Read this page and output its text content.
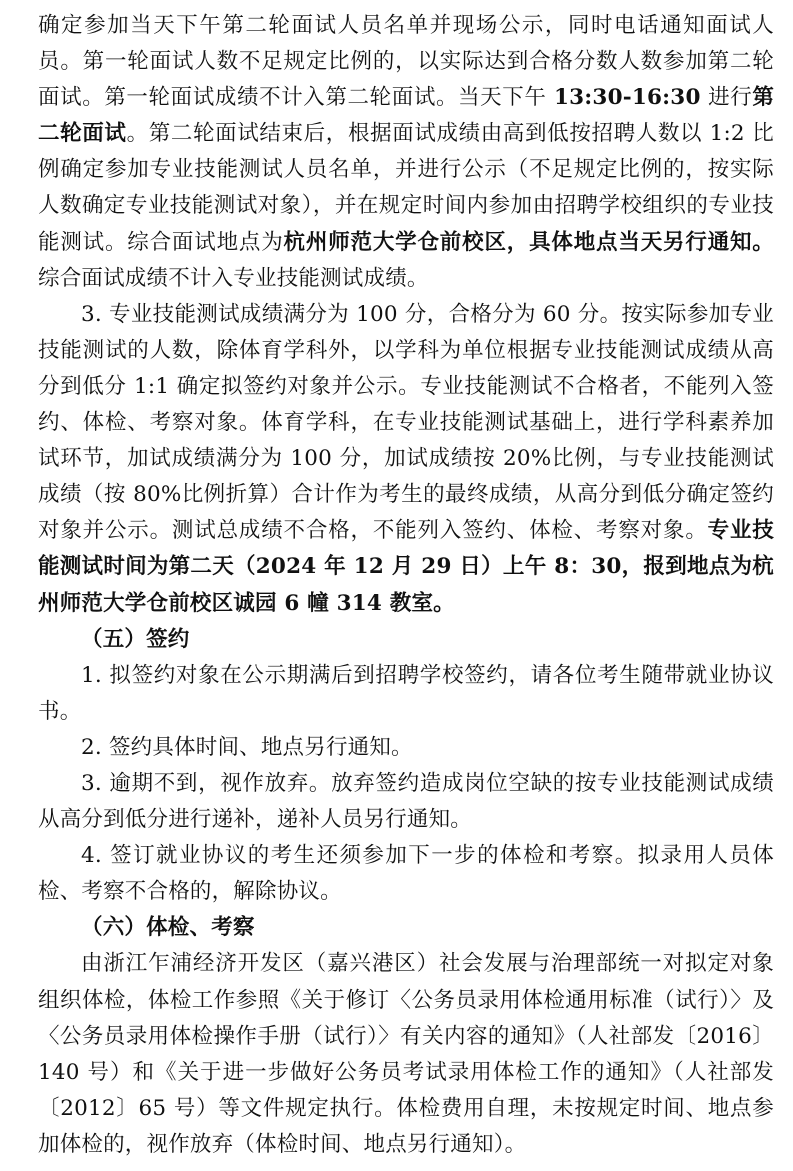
确定参加当天下午第二轮面试人员名单并现场公示，同时电话通知面试人员。第一轮面试人数不足规定比例的，以实际达到合格分数人数参加第二轮面试。第一轮面试成绩不计入第二轮面试。当天下午 13:30-16:30 进行第二轮面试。第二轮面试结束后，根据面试成绩由高到低按招聘人数以 1:2 比例确定参加专业技能测试人员名单，并进行公示（不足规定比例的，按实际人数确定专业技能测试对象），并在规定时间内参加由招聘学校组织的专业技能测试。综合面试地点为杭州师范大学仓前校区，具体地点当天另行通知。综合面试成绩不计入专业技能测试成绩。

3. 专业技能测试成绩满分为 100 分，合格分为 60 分。按实际参加专业技能测试的人数，除体育学科外，以学科为单位根据专业技能测试成绩从高分到低分 1:1 确定拟签约对象并公示。专业技能测试不合格者，不能列入签约、体检、考察对象。体育学科，在专业技能测试基础上，进行学科素养加试环节，加试成绩满分为 100 分，加试成绩按 20%比例，与专业技能测试成绩（按 80%比例折算）合计作为考生的最终成绩，从高分到低分确定签约对象并公示。测试总成绩不合格，不能列入签约、体检、考察对象。专业技能测试时间为第二天（2024 年 12 月 29 日）上午 8：30，报到地点为杭州师范大学仓前校区诚园 6 幢 314 教室。

（五）签约

1. 拟签约对象在公示期满后到招聘学校签约，请各位考生随带就业协议书。

2. 签约具体时间、地点另行通知。

3. 逾期不到，视作放弃。放弃签约造成岗位空缺的按专业技能测试成绩从高分到低分进行递补，递补人员另行通知。

4. 签订就业协议的考生还须参加下一步的体检和考察。拟录用人员体检、考察不合格的，解除协议。

（六）体检、考察

由浙江乍浦经济开发区（嘉兴港区）社会发展与治理部统一对拟定对象组织体检，体检工作参照《关于修订〈公务员录用体检通用标准（试行）〉及〈公务员录用体检操作手册（试行）〉有关内容的通知》（人社部发〔2016〕140 号）和《关于进一步做好公务员考试录用体检工作的通知》（人社部发〔2012〕65 号）等文件规定执行。体检费用自理，未按规定时间、地点参加体检的，视作放弃（体检时间、地点另行通知）。
